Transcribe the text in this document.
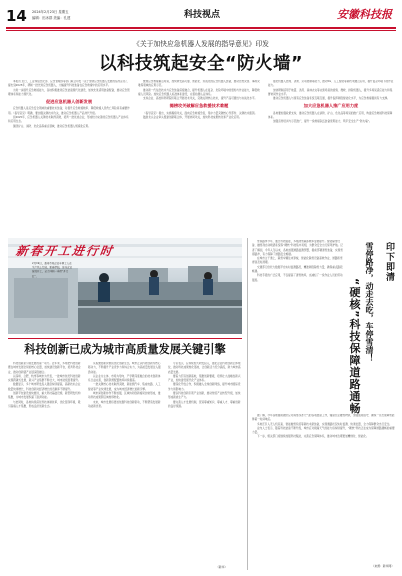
14 2024年2月23日 星期五
编辑：田冰群 美编：孔建	科技视点	安徽科技报
《关于加快应急机器人发展的指导意见》印发
以科技筑起安全“防火墙”

本报讯 近日，工业和信息化部、应急管理部等部门联合印发《关于加快应急机器人发展的指导意见》，提出到2025年，研制一批先进应急机器人，大幅提升科技装备在应急救援中的应用水平。

为进一步提升应急救援能力，各地积极推进应急装备现代化建设，加快先进适用装备配备，推动应急管理体系和能力现代化。

促进应急机器人创新发展

应急机器人是应急安全领域的重要技术装备，对提升应急救援效率、降低救援人员伤亡风险具有重要作用。《指导意见》明确，要加强关键技术攻关，推动应急机器人产品迭代升级。

到2025年，应急机器人关键技术取得突破，培育一批优质企业，形成较为完善的应急机器人产业体系和应用生态。

围绕矿山、消防、危化品等重点领域，推动应急机器人规模化应用。

聚焦应急救援重点场景，加快研发高可靠、智能化、实战化的应急机器人装备，推动自然灾害、事故灾难等领域的应用示范。

推动新一代信息技术与应急装备深度融合，提升机器人在复杂、危险环境中的感知与作业能力，降低救援人员风险。加快应急机器人标准体系建设，完善检测认证体系。

支持企业、高校和科研院所联合开展技术攻关，突破关键核心技术，提升产品可靠性与实战化水平。

揭榜攻关破解应急救援技术难题

《指导意见》提出，实施揭榜攻关，面向应急救援急需，集中力量突破核心零部件、关键技术瓶颈。

鼓励龙头企业牵头组建创新联合体，开展协同攻关，加快科技成果转化和产业化应用。

强化机器人感知、决策、运动控制等能力，推动5G、人工智能等新技术融合应用，提升复杂环境下的作业能力。

加快研制适用于地震、洪涝、森林火灾等灾害场景的侦察、搜救、排险机器人，提升多场景适应能力和集群协同作业水平。

推动应急机器人与现有应急装备系统互联互通，提升指挥调度智能化水平，为应急救援提供有力支撑。

加大应急机器人推广应用力度

各地要加强政策支持，推动应急机器人在消防、矿山、危化品等场景的推广应用，构建应急救援科技保障体系。

加强宣传培训与示范推广，提升一线救援队伍装备使用能力，筑牢安全生产“防火墙”。

新春开工进行时
2月19日，滁州市某企业车间工人在生产线上忙碌。新春伊始，各地企业抢抓开工，全力冲刺一季度“开门红”。
科技创新已成为城市高质量发展关键引擎

科技创新是引领发展的第一动力。近年来，多地把科技创新摆在城市发展全局的核心位置，加快建设创新平台，培育科技企业，推动创新链产业链深度融合。

以深圳、合肥、杭州等城市为代表，一批城市依托科技创新实现跨越式发展，新兴产业集群不断壮大，城市能级显著提升。

数据显示，多个城市研发投入强度持续提高，高新技术企业数量快速增长，科技创新对经济增长的贡献率不断提升。

创新平台建设加快推进，重大科技基础设施、新型研发机构集聚，为城市发展积蓄了澎湃动能。

与此同时，各地持续深化科技体制改革，优化营商环境，吸引高端人才集聚，形成良好创新生态。

从集聚创新资源到优化创新生态，城市正以科技创新为核心驱动力，不断提升产业竞争力和综合实力，为高质量发展注入强劲动能。

以企业为主体、市场为导向、产学研深度融合的技术创新体系日益完善，创新资源配置效率持续提高。

一批关键核心技术取得突破，新能源汽车、集成电路、人工智能等产业快速发展，成为城市经济增长的新引擎。

城市间创新协作不断加强，区域协同创新格局加快形成，推动科技成果跨区域转移转化。

未来，城市发展将更加依靠科技创新驱动，不断塑造发展新动能新优势。

专家表示，应持续加大研发投入，强化企业科技创新主体地位，推动科技成果转化落地，让创新活力充分涌流，助力城市高质量发展。

要着力打造创新高地，集聚创新要素，培育壮大战略性新兴产业，加快建设现代化产业体系。

要深化开放合作，积极融入全球创新网络，提升城市国际竞争力和影响力。

要以科技创新引领产业创新，推动传统产业转型升级，加快形成新质生产力。

要完善人才发展机制，营造尊重知识、尊重人才、尊重创新的良好氛围。

（新华）

雪停路净今年，通过科技赋能，多地清雪除冰效率显著提升。智能除雪设备、融雪剂自动喷洒系统等“硬核”科技集中亮相，为群众安全出行保驾护航。记者了解到，今年入冬以来，各地加强道路监测预警，提前部署清雪装备，实现雪停路净，有力保障了道路安全畅通。

在城市主干道上，除雪车辆往来穿梭，智能化除雪设备高效作业，道路积雪得到及时清理。

交通部门依托大数据平台实时监测路况，精准调度除雪力量，确保重点路段畅通。

科技手段的广泛应用，不仅提高了清雪效率，也减轻了一线作业人员的劳动强度。	印下即清
雪停路净，动走去吃，车停雪清！
“硬核”科技保障道路通畅

据了解，今年各地提前做好应对雨雪冰冻天气的各项准备工作，储备充足融雪物资，加强值班值守，确保一旦出现降雪能够第一时间响应。

多地还引入无人机巡查、智能融雪系统等新技术新装备，实现道路状况实时监测、快速处置，全力保障群众出行安全。

业内人士表示，随着科技装备不断升级，城市应对极端天气的能力将持续提升，“硬核”科技正在成为保障道路通畅的重要力量。

下一步，相关部门将继续加强科技赋能，完善应急保障体系，推动城市治理更加精细化、智能化。

（来源：新华网）
